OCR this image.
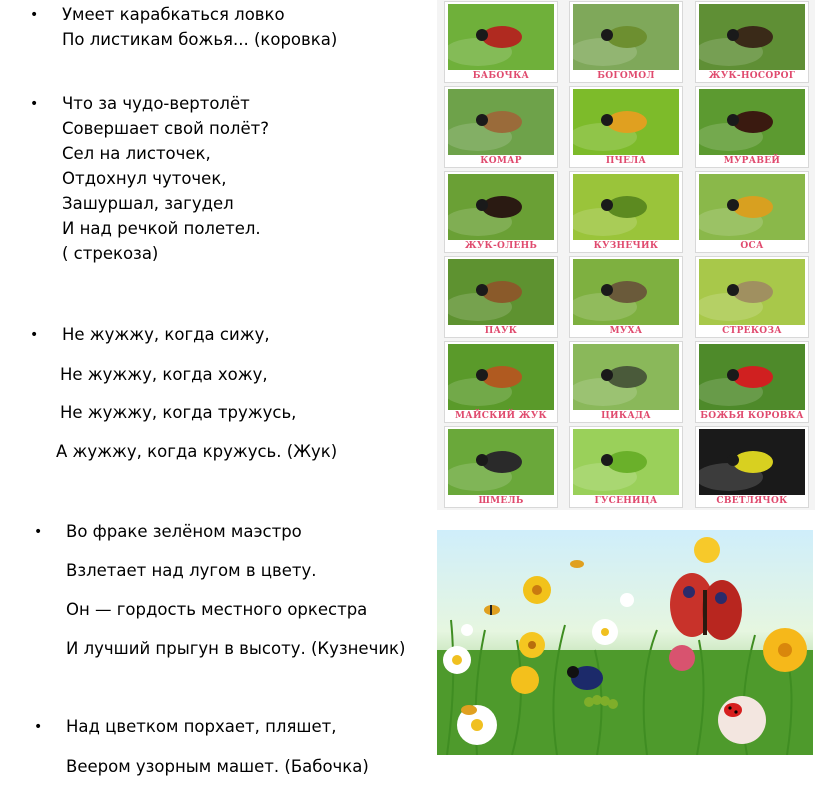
• Умеет карабкаться ловко
По листикам божья... (коровка)
• Что за чудо-вертолёт
Совершает свой полёт?
Сел на листочек,
Отдохнул чуточек,
Зашуршал, загудел
И над речкой полетел.
( стрекоза)
• Не жужжу, когда сижу,
Не жужжу, когда хожу,
Не жужжу, когда тружусь,
А жужжу, когда кружусь. (Жук)
• Во фраке зелёном маэстро
Взлетает над лугом в цвету.
Он — гордость местного оркестра
И лучший прыгун в высоту. (Кузнечик)
• Над цветком порхает, пляшет,
Веером узорным машет. (Бабочка)
БАБОЧКА	БОГОМОЛ	ЖУК-НОСОРОГ
КОМАР	ПЧЕЛА	МУРАВЕЙ
ЖУК-ОЛЕНЬ	КУЗНЕЧИК	ОСА
ПАУК	МУХА	СТРЕКОЗА
МАЙСКИЙ ЖУК	ЦИКАДА	БОЖЬЯ КОРОВКА
ШМЕЛЬ	ГУСЕНИЦА	СВЕТЛЯЧОК
